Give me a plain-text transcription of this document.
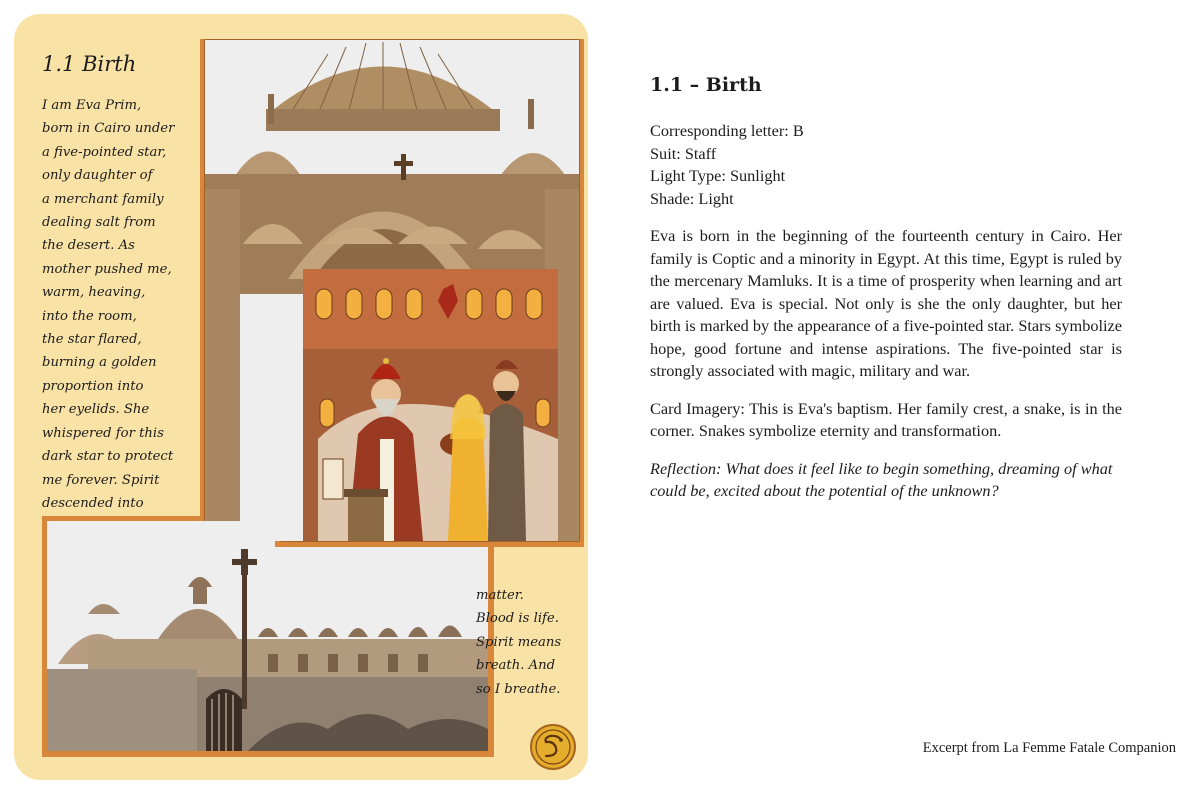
1.1 Birth
I am Eva Prim,
born in Cairo under
a five-pointed star,
only daughter of
a merchant family
dealing salt from
the desert. As
mother pushed me,
warm, heaving,
into the room,
the star flared,
burning a golden
proportion into
her eyelids. She
whispered for this
dark star to protect
me forever. Spirit
descended into
matter.
Blood is life.
Spirit means
breath. And
so I breathe.
1.1 – Birth
Corresponding letter: B
Suit: Staff
Light Type: Sunlight
Shade: Light

Eva is born in the beginning of the fourteenth century in Cairo. Her family is Coptic and a minority in Egypt. At this time, Egypt is ruled by the mercenary Mamluks. It is a time of prosperity when learning and art are valued. Eva is special. Not only is she the only daughter, but her birth is marked by the appearance of a five-pointed star. Stars symbolize hope, good fortune and intense aspirations. The five-pointed star is strongly associated with magic, military and war.

Card Imagery: This is Eva's baptism. Her family crest, a snake, is in the corner. Snakes symbolize eternity and transformation.

Reflection: What does it feel like to begin something, dreaming of what could be, excited about the potential of the unknown?

Excerpt from La Femme Fatale Companion
